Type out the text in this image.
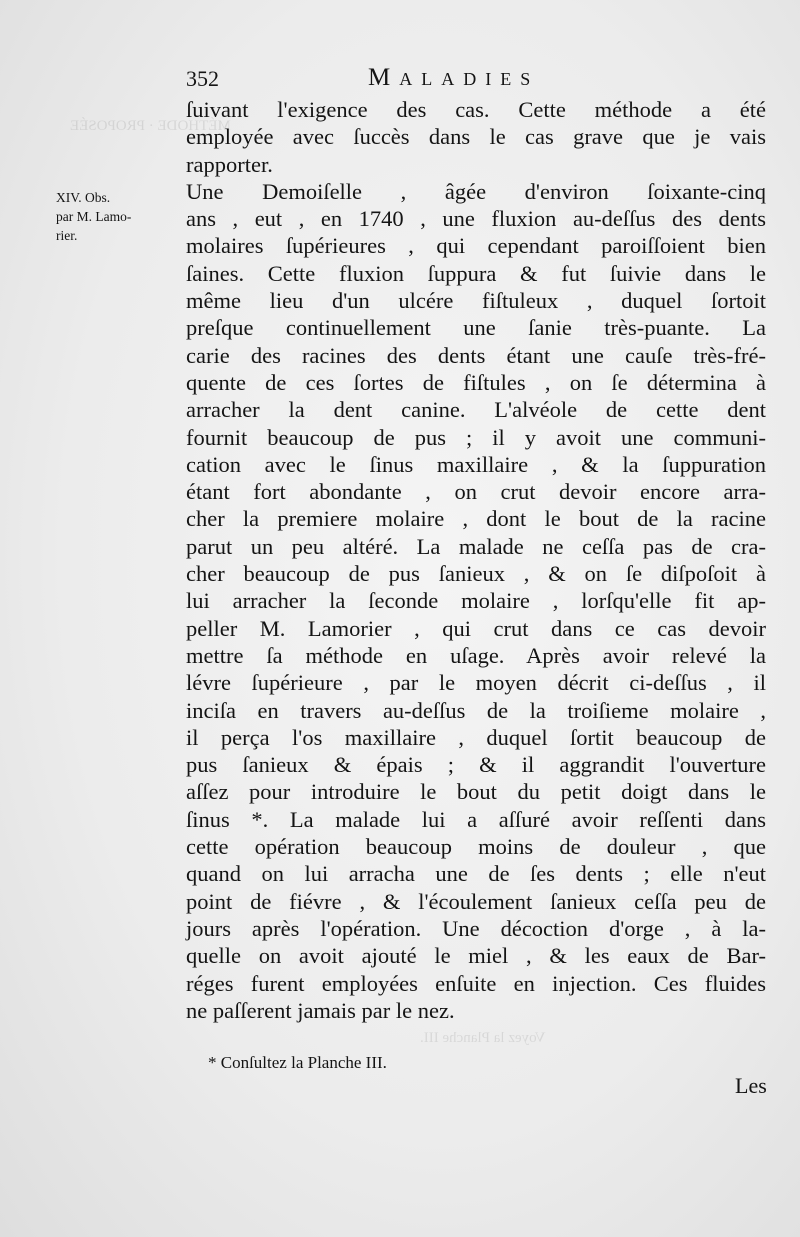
MÉTHODE · PROPOSÉE
Voyez la Planche III.
352	Maladies
XIV. Obs.
par M. Lamo-
rier.
ſuivant l'exigence des cas. Cette méthode a été
employée avec ſuccès dans le cas grave que je vais
rapporter.
Une Demoiſelle , âgée d'environ ſoixante-cinq
ans , eut , en 1740 , une fluxion au-deſſus des dents
molaires ſupérieures , qui cependant paroiſſoient bien
ſaines. Cette fluxion ſuppura & fut ſuivie dans le
même lieu d'un ulcére fiſtuleux , duquel ſortoit
preſque continuellement une ſanie très-puante. La
carie des racines des dents étant une cauſe très-fré-
quente de ces ſortes de fiſtules , on ſe détermina à
arracher la dent canine. L'alvéole de cette dent
fournit beaucoup de pus ; il y avoit une communi-
cation avec le ſinus maxillaire , & la ſuppuration
étant fort abondante , on crut devoir encore arra-
cher la premiere molaire , dont le bout de la racine
parut un peu altéré. La malade ne ceſſa pas de cra-
cher beaucoup de pus ſanieux , & on ſe diſpoſoit à
lui arracher la ſeconde molaire , lorſqu'elle fit ap-
peller M. Lamorier , qui crut dans ce cas devoir
mettre ſa méthode en uſage. Après avoir relevé la
lévre ſupérieure , par le moyen décrit ci-deſſus , il
inciſa en travers au-deſſus de la troiſieme molaire ,
il perça l'os maxillaire , duquel ſortit beaucoup de
pus ſanieux & épais ; & il aggrandit l'ouverture
aſſez pour introduire le bout du petit doigt dans le
ſinus *. La malade lui a aſſuré avoir reſſenti dans
cette opération beaucoup moins de douleur , que
quand on lui arracha une de ſes dents ; elle n'eut
point de fiévre , & l'écoulement ſanieux ceſſa peu de
jours après l'opération. Une décoction d'orge , à la-
quelle on avoit ajouté le miel , & les eaux de Bar-
réges furent employées enſuite en injection. Ces fluides
ne paſſerent jamais par le nez.
* Conſultez la Planche III.
Les
